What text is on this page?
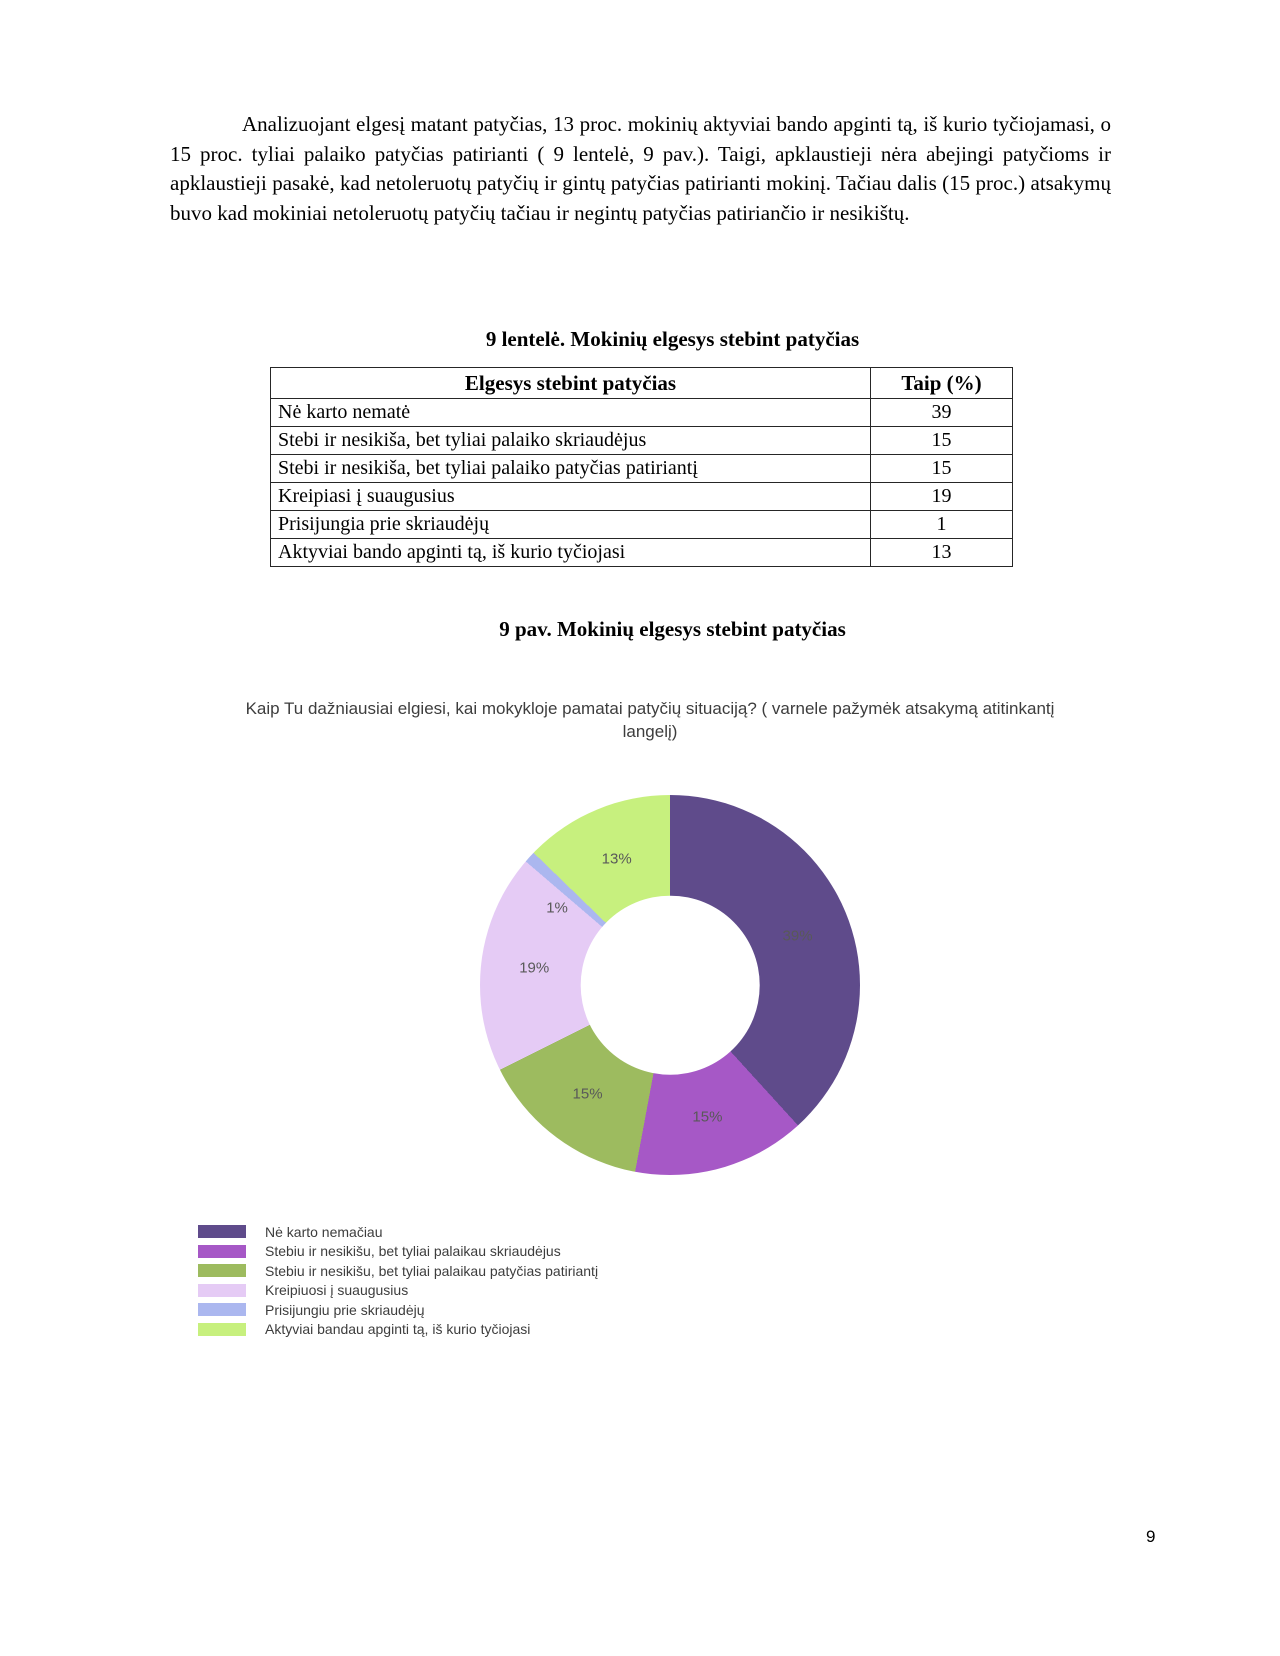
Analizuojant elgesį matant patyčias, 13 proc. mokinių aktyviai bando apginti tą, iš kurio tyčiojamasi, o 15 proc. tyliai palaiko patyčias patirianti ( 9 lentelė, 9 pav.). Taigi, apklaustieji nėra abejingi patyčioms ir apklaustieji pasakė, kad netoleruotų patyčių ir gintų patyčias patirianti mokinį. Tačiau dalis (15 proc.) atsakymų buvo kad mokiniai netoleruotų patyčių tačiau ir negintų patyčias patiriančio ir nesikištų.

9 lentelė. Mokinių elgesys stebint patyčias
Elgesys stebint patyčias	Taip (%)
Nė karto nematė	39
Stebi ir nesikiša, bet tyliai palaiko skriaudėjus	15
Stebi ir nesikiša, bet tyliai palaiko patyčias patiriantį	15
Kreipiasi į suaugusius	19
Prisijungia prie skriaudėjų	1
Aktyviai bando apginti tą, iš kurio tyčiojasi	13
9 pav. Mokinių elgesys stebint patyčias
Kaip Tu dažniausiai elgiesi, kai mokykloje pamatai patyčių situaciją? ( varnele pažymėk atsakymą atitinkantį langelį)
39%
15%
15%
19%
1%
13%
Nė karto nemačiau
Stebiu ir nesikišu, bet tyliai palaikau skriaudėjus
Stebiu ir nesikišu, bet tyliai palaikau patyčias patiriantį
Kreipiuosi į suaugusius
Prisijungiu prie skriaudėjų
Aktyviai bandau apginti tą, iš kurio tyčiojasi
9
